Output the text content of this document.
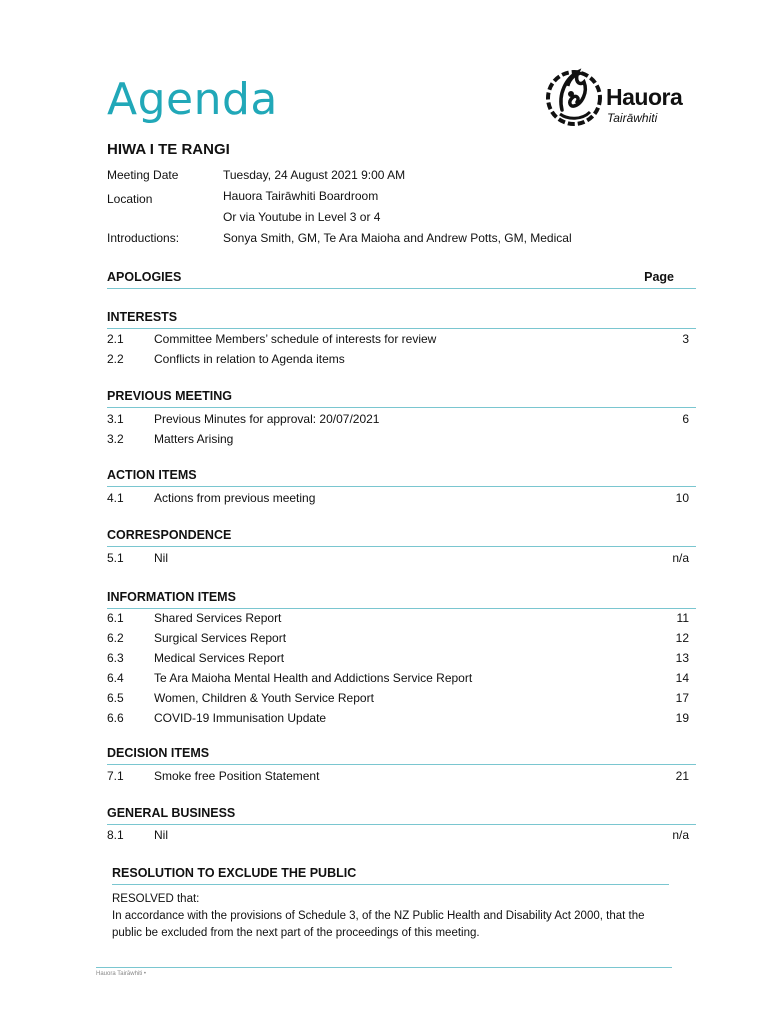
Agenda	Hauora
Tairāwhiti
HIWA I TE RANGI
Meeting Date	Tuesday, 24 August 2021 9:00 AM
Location	Hauora Tairāwhiti Boardroom
Or via Youtube in Level 3 or 4
Introductions:	Sonya Smith, GM, Te Ara Maioha and Andrew Potts, GM, Medical
APOLOGIES	Page
INTERESTS
2.1	Committee Members’ schedule of interests for review	3
2.2	Conflicts in relation to Agenda items
PREVIOUS MEETING
3.1	Previous Minutes for approval: 20/07/2021	6
3.2	Matters Arising
ACTION ITEMS
4.1	Actions from previous meeting	10
CORRESPONDENCE
5.1	Nil	n/a
INFORMATION ITEMS
6.1	Shared Services Report	11
6.2	Surgical Services Report	12
6.3	Medical Services Report	13
6.4	Te Ara Maioha Mental Health and Addictions Service Report	14
6.5	Women, Children & Youth Service Report	17
6.6	COVID-19 Immunisation Update	19
DECISION ITEMS
7.1	Smoke free Position Statement	21
GENERAL BUSINESS
8.1	Nil	n/a
RESOLUTION TO EXCLUDE THE PUBLIC
RESOLVED that:
In accordance with the provisions of Schedule 3, of the NZ Public Health and Disability Act 2000, that the
public be excluded from the next part of the proceedings of this meeting.
Hauora Tairāwhiti •
